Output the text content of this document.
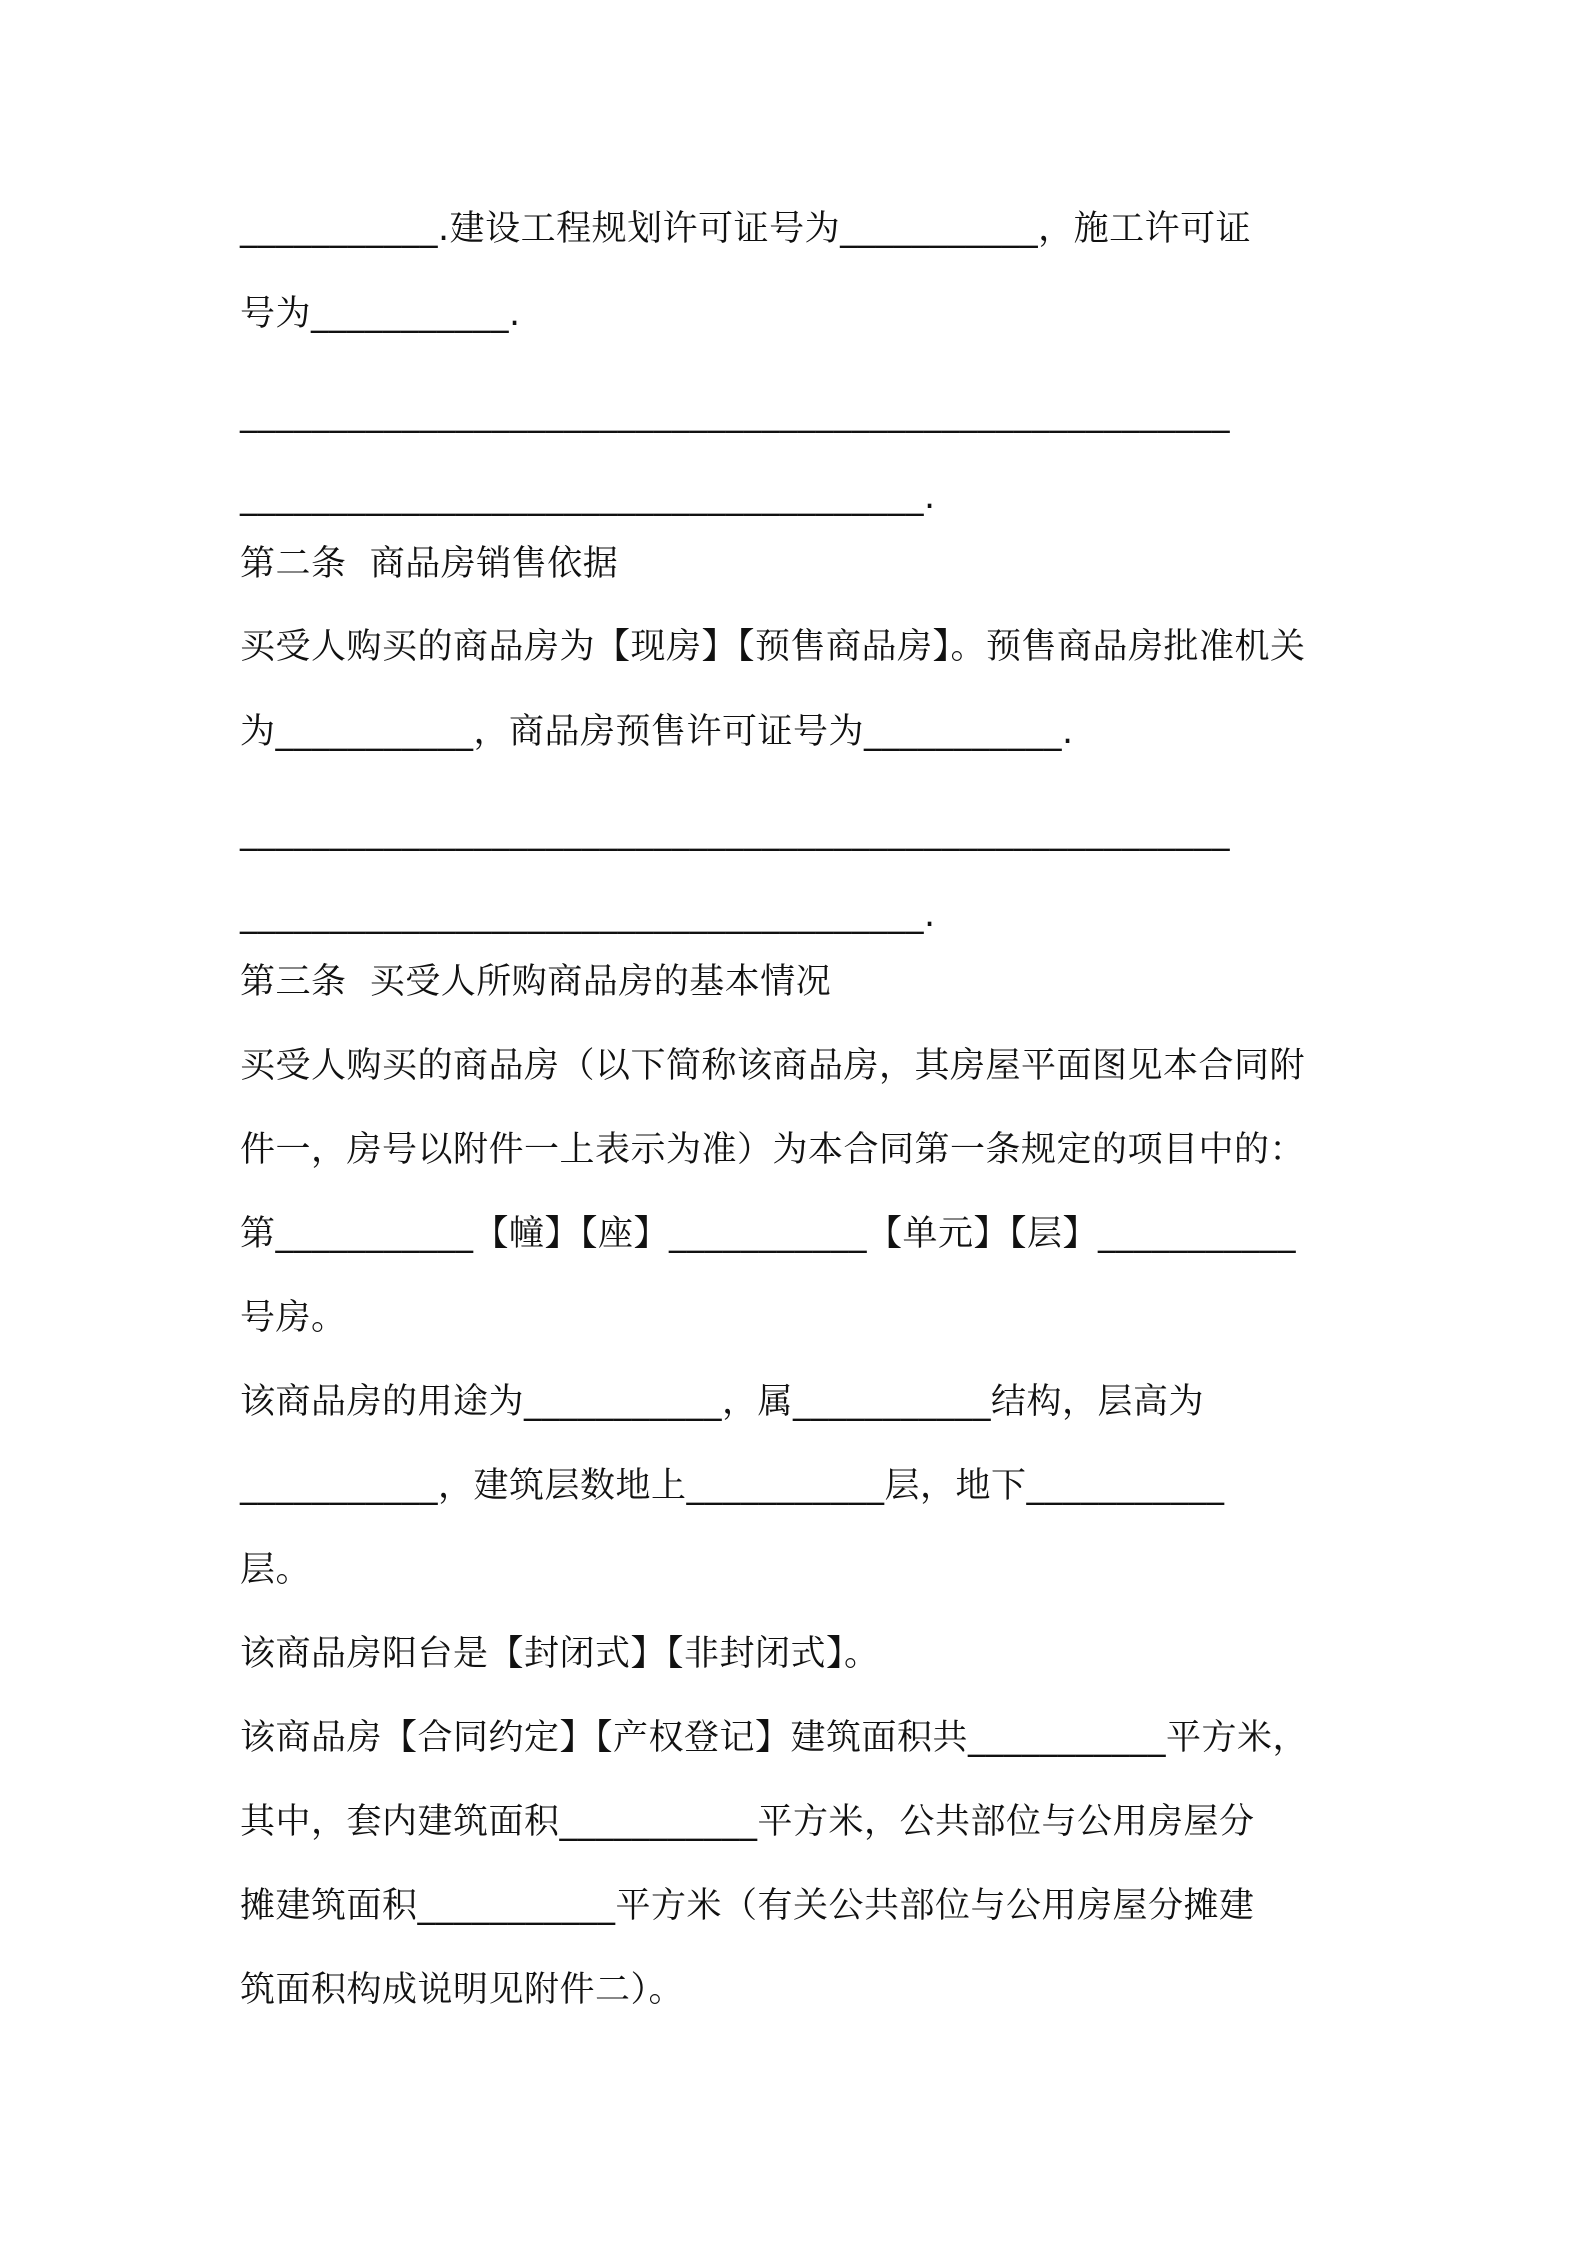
___________.建设工程规划许可证号为___________，施工许可证
号为___________.
_______________________________________________________
______________________________________.
第二条  商品房销售依据
买受人购买的商品房为【现房】【预售商品房】。预售商品房批准机关
为___________，商品房预售许可证号为___________.
_______________________________________________________
______________________________________.
第三条  买受人所购商品房的基本情况
买受人购买的商品房（以下简称该商品房，其房屋平面图见本合同附
件一，房号以附件一上表示为准）为本合同第一条规定的项目中的：
第___________【幢】【座】___________【单元】【层】___________
号房。
该商品房的用途为___________，属___________结构，层高为
___________，建筑层数地上___________层，地下___________
层。
该商品房阳台是【封闭式】【非封闭式】。
该商品房【合同约定】【产权登记】建筑面积共___________平方米，
其中，套内建筑面积___________平方米，公共部位与公用房屋分
摊建筑面积___________平方米（有关公共部位与公用房屋分摊建
筑面积构成说明见附件二）。
